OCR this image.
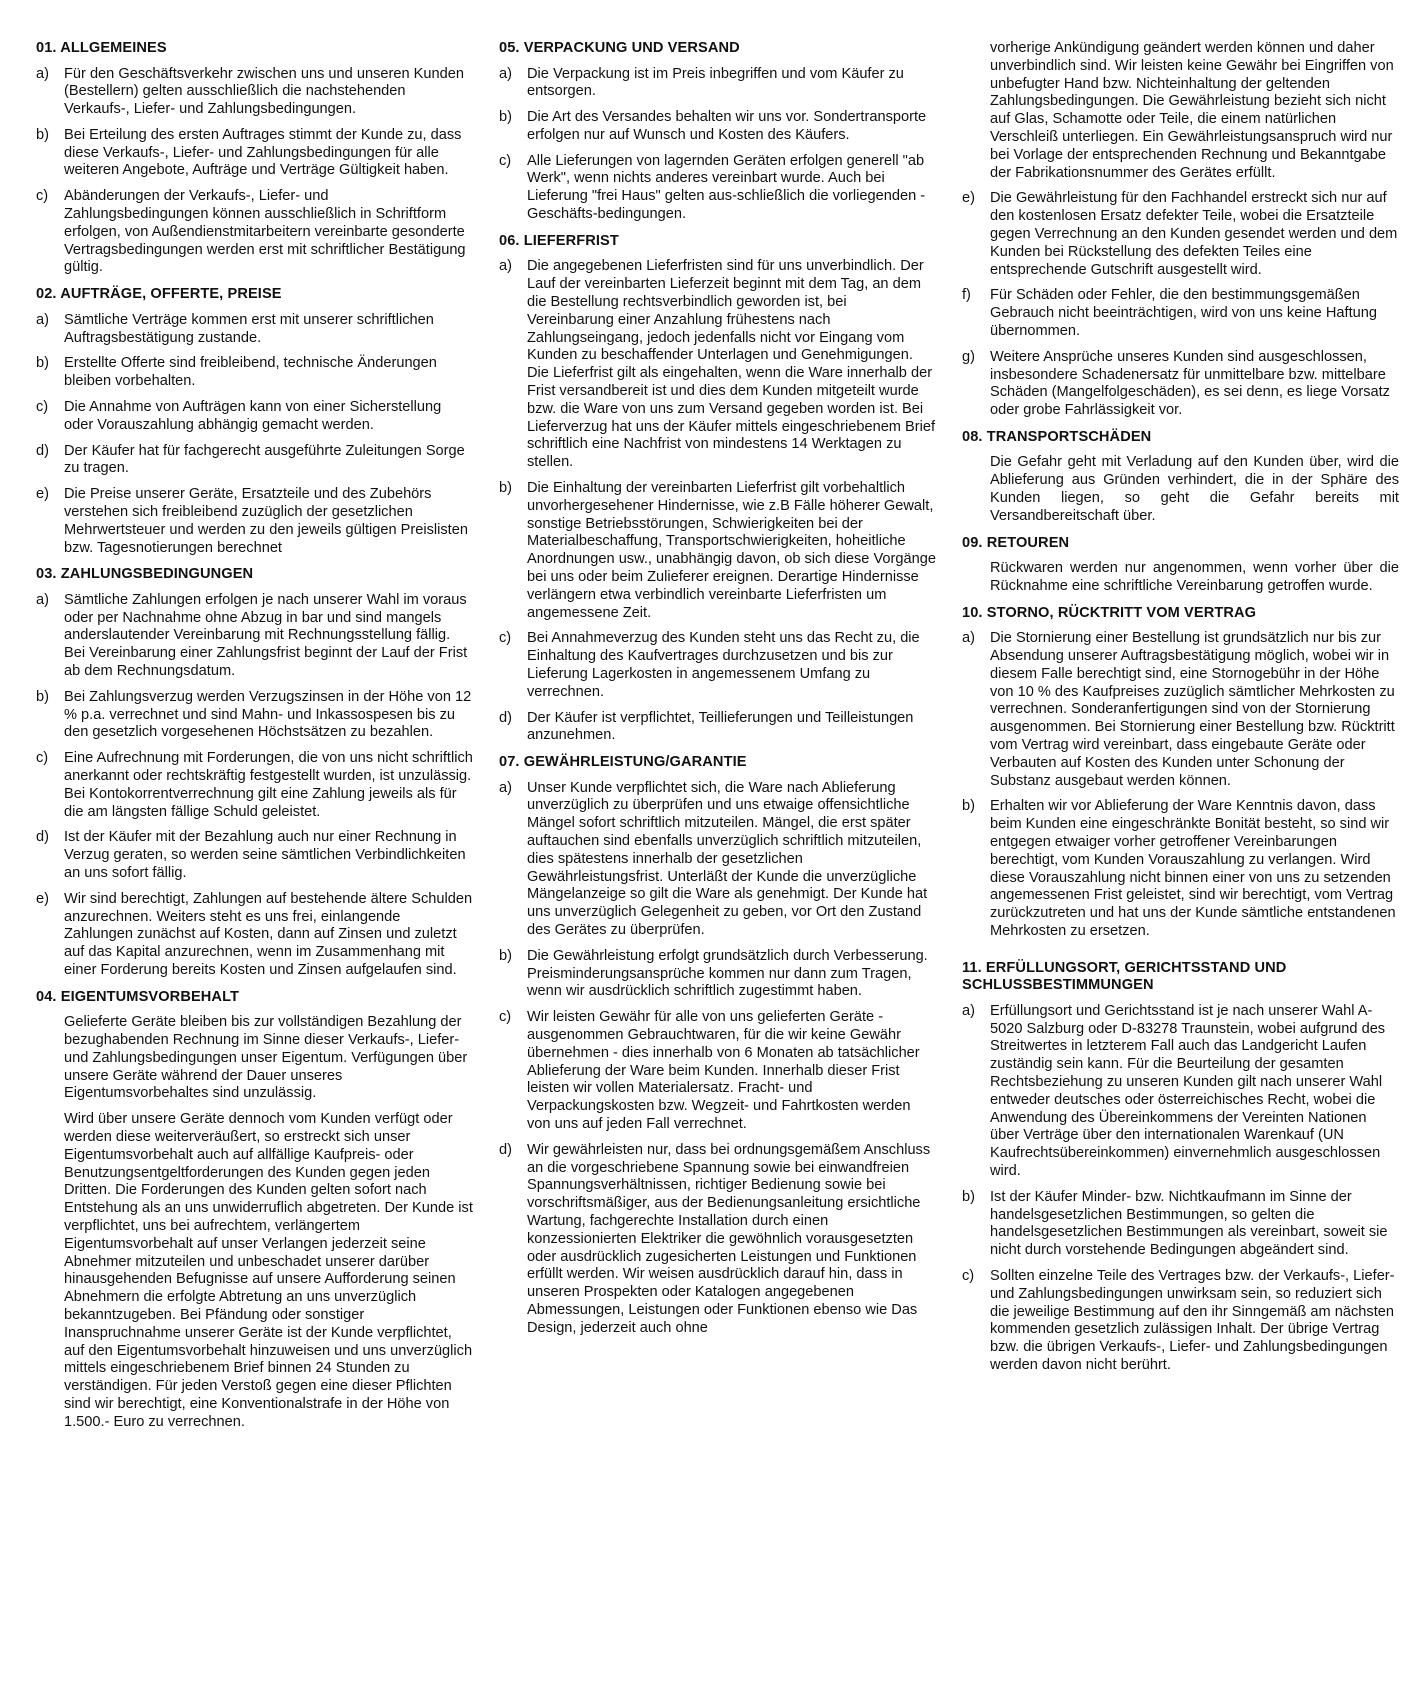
01. ALLGEMEINES
a)	Für den Geschäftsverkehr zwischen uns und unseren Kunden (Bestellern) gelten ausschließlich die nachstehenden Verkaufs-, Liefer- und Zahlungsbedingungen.
b)	Bei Erteilung des ersten Auftrages stimmt der Kunde zu, dass diese Verkaufs-, Liefer- und Zahlungsbedingungen für alle weiteren Angebote, Aufträge und Verträge Gültigkeit haben.
c)	Abänderungen der Verkaufs-, Liefer- und Zahlungsbedingungen können ausschließlich in Schriftform erfolgen, von Außendienstmitarbeitern vereinbarte gesonderte Vertragsbedingungen werden erst mit schriftlicher Bestätigung gültig.
02. AUFTRÄGE, OFFERTE, PREISE
a)	Sämtliche Verträge kommen erst mit unserer schriftlichen Auftragsbestätigung zustande.
b)	Erstellte Offerte sind freibleibend, technische Änderungen bleiben vorbehalten.
c)	Die Annahme von Aufträgen kann von einer Sicherstellung oder Vorauszahlung abhängig gemacht werden.
d)	Der Käufer hat für fachgerecht ausgeführte Zuleitungen Sorge zu tragen.
e)	Die Preise unserer Geräte, Ersatzteile und des Zubehörs verstehen sich freibleibend zuzüglich der gesetzlichen Mehrwertsteuer und werden zu den jeweils gültigen Preislisten bzw. Tagesnotierungen berechnet
03. ZAHLUNGSBEDINGUNGEN
a)	Sämtliche Zahlungen erfolgen je nach unserer Wahl im voraus oder per Nachnahme ohne Abzug in bar und sind mangels anderslautender Vereinbarung mit Rechnungsstellung fällig. Bei Vereinbarung einer Zahlungsfrist beginnt der Lauf der Frist ab dem Rechnungsdatum.
b)	Bei Zahlungsverzug werden Verzugszinsen in der Höhe von 12 % p.a. verrechnet und sind Mahn- und Inkassospesen bis zu den gesetzlich vorgesehenen Höchstsätzen zu bezahlen.
c)	Eine Aufrechnung mit Forderungen, die von uns nicht schriftlich anerkannt oder rechtskräftig festgestellt wurden, ist unzulässig. Bei Kontokorrentverrechnung gilt eine Zahlung jeweils als für die am längsten fällige Schuld geleistet.
d)	Ist der Käufer mit der Bezahlung auch nur einer Rechnung in Verzug geraten, so werden seine sämtlichen Verbindlichkeiten an uns sofort fällig.
e)	Wir sind berechtigt, Zahlungen auf bestehende ältere Schulden anzurechnen. Weiters steht es uns frei, einlangende Zahlungen zunächst auf Kosten, dann auf Zinsen und zuletzt auf das Kapital anzurechnen, wenn im Zusammenhang mit einer Forderung bereits Kosten und Zinsen aufgelaufen sind.
04. EIGENTUMSVORBEHALT
Gelieferte Geräte bleiben bis zur vollständigen Bezahlung der bezughabenden Rechnung im Sinne dieser Verkaufs-, Liefer- und Zahlungsbedingungen unser Eigentum. Verfügungen über unsere Geräte während der Dauer unseres Eigentumsvorbehaltes sind unzulässig.
Wird über unsere Geräte dennoch vom Kunden verfügt oder werden diese weiterveräußert, so erstreckt sich unser Eigentumsvorbehalt auch auf allfällige Kaufpreis- oder Benutzungsentgeltforderungen des Kunden gegen jeden Dritten. Die Forderungen des Kunden gelten sofort nach Entstehung als an uns unwiderruflich abgetreten. Der Kunde ist verpflichtet, uns bei aufrechtem, verlängertem Eigentumsvorbehalt auf unser Verlangen jederzeit seine Abnehmer mitzuteilen und unbeschadet unserer darüber hinausgehenden Befugnisse auf unsere Aufforderung seinen Abnehmern die erfolgte Abtretung an uns unverzüglich bekanntzugeben. Bei Pfändung oder sonstiger Inanspruchnahme unserer Geräte ist der Kunde verpflichtet, auf den Eigentumsvorbehalt hinzuweisen und uns unverzüglich mittels eingeschriebenem Brief binnen 24 Stunden zu verständigen. Für jeden Verstoß gegen eine dieser Pflichten sind wir berechtigt, eine Konventionalstrafe in der Höhe von 1.500.- Euro zu verrechnen.
05. VERPACKUNG UND VERSAND
a)	Die Verpackung ist im Preis inbegriffen und vom Käufer zu entsorgen.
b)	Die Art des Versandes behalten wir uns vor. Sondertransporte erfolgen nur auf Wunsch und Kosten des Käufers.
c)	Alle Lieferungen von lagernden Geräten erfolgen generell "ab Werk", wenn nichts anderes vereinbart wurde. Auch bei Lieferung "frei Haus" gelten aus-schließlich die vorliegenden -Geschäfts-bedingungen.
06. LIEFERFRIST
a)	Die angegebenen Lieferfristen sind für uns unverbindlich. Der Lauf der vereinbarten Lieferzeit beginnt mit dem Tag, an dem die Bestellung rechtsverbindlich geworden ist, bei Vereinbarung einer Anzahlung frühestens nach Zahlungseingang, jedoch jedenfalls nicht vor Eingang vom Kunden zu beschaffender Unterlagen und Genehmigungen. Die Lieferfrist gilt als eingehalten, wenn die Ware innerhalb der Frist versandbereit ist und dies dem Kunden mitgeteilt wurde bzw. die Ware von uns zum Versand gegeben worden ist. Bei Lieferverzug hat uns der Käufer mittels eingeschriebenem Brief schriftlich eine Nachfrist von mindestens 14 Werktagen zu stellen.
b)	Die Einhaltung der vereinbarten Lieferfrist gilt vorbehaltlich unvorhergesehener Hindernisse, wie z.B Fälle höherer Gewalt, sonstige Betriebsstörungen, Schwierigkeiten bei der Materialbeschaffung, Transportschwierigkeiten, hoheitliche Anordnungen usw., unabhängig davon, ob sich diese Vorgänge bei uns oder beim Zulieferer ereignen. Derartige Hindernisse verlängern etwa verbindlich vereinbarte Lieferfristen um angemessene Zeit.
c)	Bei Annahmeverzug des Kunden steht uns das Recht zu, die Einhaltung des Kaufvertrages durchzusetzen und bis zur Lieferung Lagerkosten in angemessenem Umfang zu verrechnen.
d)	Der Käufer ist verpflichtet, Teillieferungen und Teilleistungen anzunehmen.
07. GEWÄHRLEISTUNG/GARANTIE
a)	Unser Kunde verpflichtet sich, die Ware nach Ablieferung unverzüglich zu überprüfen und uns etwaige offensichtliche Mängel sofort schriftlich mitzuteilen. Mängel, die erst später auftauchen sind ebenfalls unverzüglich schriftlich mitzuteilen, dies spätestens innerhalb der gesetzlichen Gewährleistungsfrist. Unterläßt der Kunde die unverzügliche Mängelanzeige so gilt die Ware als genehmigt. Der Kunde hat uns unverzüglich Gelegenheit zu geben, vor Ort den Zustand des Gerätes zu überprüfen.
b)	Die Gewährleistung erfolgt grundsätzlich durch Verbesserung. Preisminderungsansprüche kommen nur dann zum Tragen, wenn wir ausdrücklich schriftlich zugestimmt haben.
c)	Wir leisten Gewähr für alle von uns gelieferten Geräte - ausgenommen Gebrauchtwaren, für die wir keine Gewähr übernehmen - dies innerhalb von 6 Monaten ab tatsächlicher Ablieferung der Ware beim Kunden. Innerhalb dieser Frist leisten wir vollen Materialersatz. Fracht- und Verpackungskosten bzw. Wegzeit- und Fahrtkosten werden von uns auf jeden Fall verrechnet.
d)	Wir gewährleisten nur, dass bei ordnungsgemäßem Anschluss an die vorgeschriebene Spannung sowie bei einwandfreien Spannungsverhältnissen, richtiger Bedienung sowie bei vorschriftsmäßiger, aus der Bedienungsanleitung ersichtliche Wartung, fachgerechte Installation durch einen konzessionierten Elektriker die gewöhnlich vorausgesetzten oder ausdrücklich zugesicherten Leistungen und Funktionen erfüllt werden. Wir weisen ausdrücklich darauf hin, dass in unseren Prospekten oder Katalogen angegebenen Abmessungen, Leistungen oder Funktionen ebenso wie Das Design, jederzeit auch ohne
vorherige Ankündigung geändert werden können und daher unverbindlich sind. Wir leisten keine Gewähr bei Eingriffen von unbefugter Hand bzw. Nichteinhaltung der geltenden Zahlungsbedingungen. Die Gewährleistung bezieht sich nicht auf Glas, Schamotte oder Teile, die einem natürlichen Verschleiß unterliegen. Ein Gewährleistungsanspruch wird nur bei Vorlage der entsprechenden Rechnung und Bekanntgabe der Fabrikationsnummer des Gerätes erfüllt.
e)	Die Gewährleistung für den Fachhandel erstreckt sich nur auf den kostenlosen Ersatz defekter Teile, wobei die Ersatzteile gegen Verrechnung an den Kunden gesendet werden und dem Kunden bei Rückstellung des defekten Teiles eine entsprechende Gutschrift ausgestellt wird.
f)	Für Schäden oder Fehler, die den bestimmungsgemäßen Gebrauch nicht beeinträchtigen, wird von uns keine Haftung übernommen.
g)	Weitere Ansprüche unseres Kunden sind ausgeschlossen, insbesondere Schadenersatz für unmittelbare bzw. mittelbare Schäden (Mangelfolgeschäden), es sei denn, es liege Vorsatz oder grobe Fahrlässigkeit vor.
08. TRANSPORTSCHÄDEN
Die Gefahr geht mit Verladung auf den Kunden über, wird die Ablieferung aus Gründen verhindert, die in der Sphäre des Kunden liegen, so geht die Gefahr bereits mit Versandbereitschaft über.
09. RETOUREN
Rückwaren werden nur angenommen, wenn vorher über die Rücknahme eine schriftliche Vereinbarung getroffen wurde.
10. STORNO, RÜCKTRITT VOM VERTRAG
a)	Die Stornierung einer Bestellung ist grundsätzlich nur bis zur Absendung unserer Auftragsbestätigung möglich, wobei wir in diesem Falle berechtigt sind, eine Stornogebühr in der Höhe von 10 % des Kaufpreises zuzüglich sämtlicher Mehrkosten zu verrechnen. Sonderanfertigungen sind von der Stornierung ausgenommen. Bei Stornierung einer Bestellung bzw. Rücktritt vom Vertrag wird vereinbart, dass eingebaute Geräte oder Verbauten auf Kosten des Kunden unter Schonung der Substanz ausgebaut werden können.
b)	Erhalten wir vor Ablieferung der Ware Kenntnis davon, dass beim Kunden eine eingeschränkte Bonität besteht, so sind wir entgegen etwaiger vorher getroffener Vereinbarungen berechtigt, vom Kunden Vorauszahlung zu verlangen. Wird diese Vorauszahlung nicht binnen einer von uns zu setzenden angemessenen Frist geleistet, sind wir berechtigt, vom Vertrag zurückzutreten und hat uns der Kunde sämtliche entstandenen Mehrkosten zu ersetzen.
11. ERFÜLLUNGSORT, GERICHTSSTAND UND SCHLUSSBESTIMMUNGEN
a)	Erfüllungsort und Gerichtsstand ist je nach unserer Wahl A-5020 Salzburg oder D-83278 Traunstein, wobei aufgrund des Streitwertes in letzterem Fall auch das Landgericht Laufen zuständig sein kann. Für die Beurteilung der gesamten Rechtsbeziehung zu unseren Kunden gilt nach unserer Wahl entweder deutsches oder österreichisches Recht, wobei die Anwendung des Übereinkommens der Vereinten Nationen über Verträge über den internationalen Warenkauf (UN Kaufrechtsübereinkommen) einvernehmlich ausgeschlossen wird.
b)	Ist der Käufer Minder- bzw. Nichtkaufmann im Sinne der handelsgesetzlichen Bestimmungen, so gelten die handelsgesetzlichen Bestimmungen als vereinbart, soweit sie nicht durch vorstehende Bedingungen abgeändert sind.
c)	Sollten einzelne Teile des Vertrages bzw. der Verkaufs-, Liefer- und Zahlungsbedingungen unwirksam sein, so reduziert sich die jeweilige Bestimmung auf den ihr Sinngemäß am nächsten kommenden gesetzlich zulässigen Inhalt. Der übrige Vertrag bzw. die übrigen Verkaufs-, Liefer- und Zahlungsbedingungen werden davon nicht berührt.
